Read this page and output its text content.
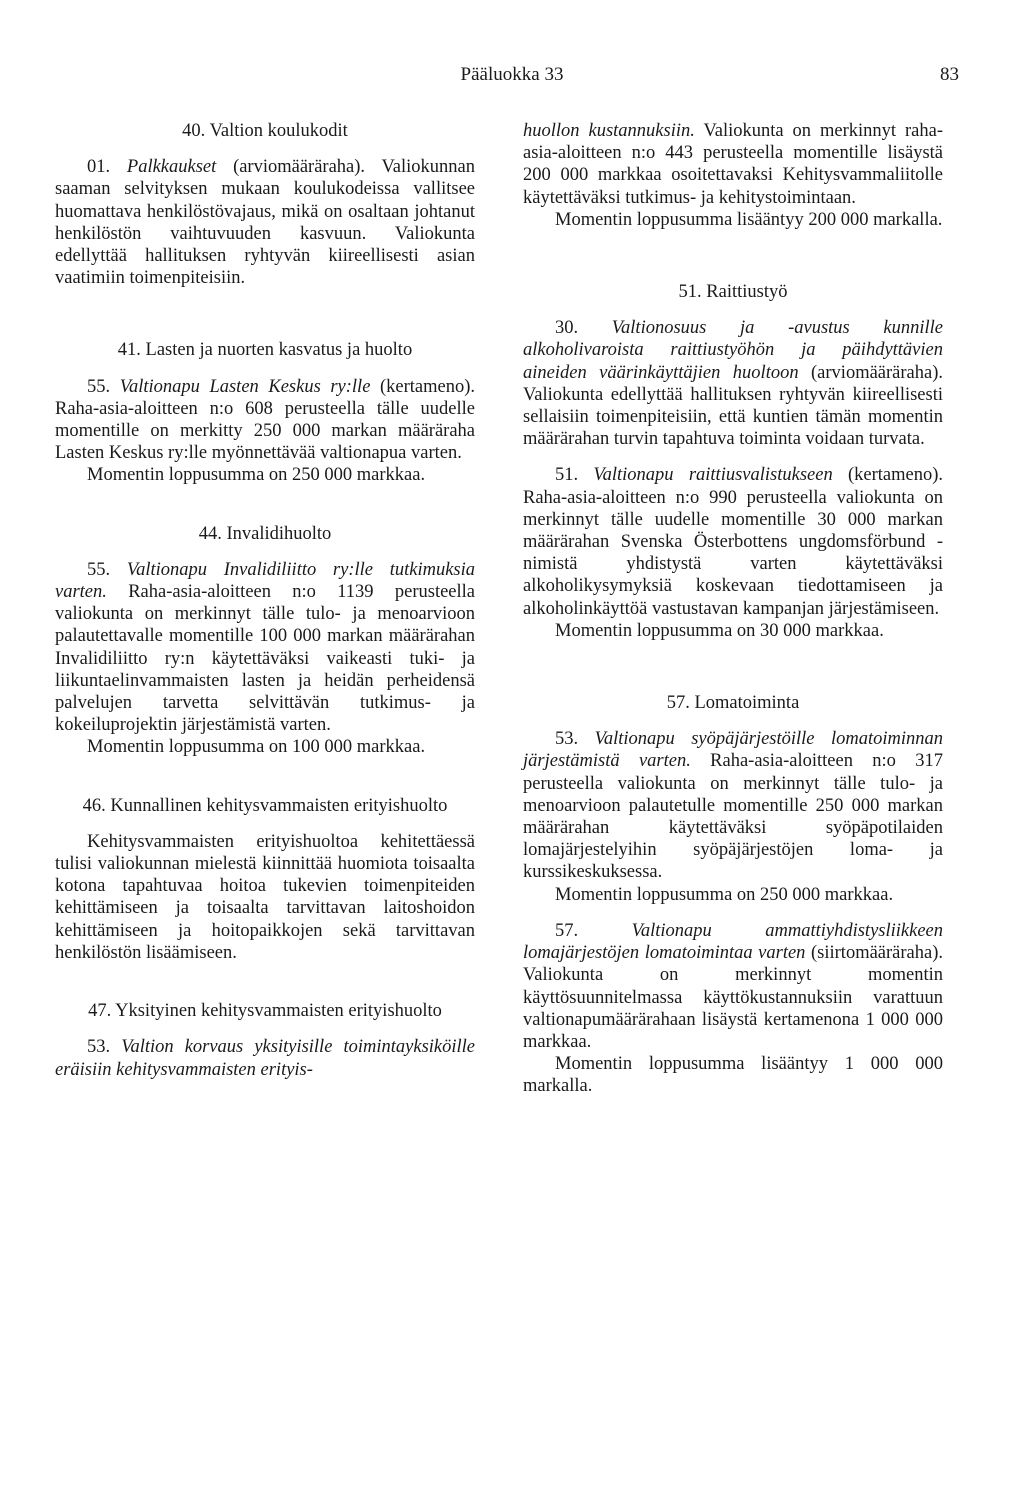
Pääluokka 33	83
40. Valtion koulukodit

01. Palkkaukset (arviomääräraha). Valiokunnan saaman selvityksen mukaan koulukodeissa vallitsee huomattava henkilöstövajaus, mikä on osaltaan johtanut henkilöstön vaihtuvuuden kasvuun. Valiokunta edellyttää hallituksen ryhtyvän kiireellisesti asian vaatimiin toimenpiteisiin.

41. Lasten ja nuorten kasvatus ja huolto

55. Valtionapu Lasten Keskus ry:lle (kertameno). Raha-asia-aloitteen n:o 608 perusteella tälle uudelle momentille on merkitty 250 000 markan määräraha Lasten Keskus ry:lle myönnettävää valtionapua varten.

Momentin loppusumma on 250 000 markkaa.

44. Invalidihuolto

55. Valtionapu Invalidiliitto ry:lle tutkimuksia varten. Raha-asia-aloitteen n:o 1139 perusteella valiokunta on merkinnyt tälle tulo- ja menoarvioon palautettavalle momentille 100 000 markan määrärahan Invalidiliitto ry:n käytettäväksi vaikeasti tuki- ja liikuntaelinvammaisten lasten ja heidän perheidensä palvelujen tarvetta selvittävän tutkimus- ja kokeiluprojektin järjestämistä varten.

Momentin loppusumma on 100 000 markkaa.

46. Kunnallinen kehitysvammaisten erityishuolto

Kehitysvammaisten erityishuoltoa kehitettäessä tulisi valiokunnan mielestä kiinnittää huomiota toisaalta kotona tapahtuvaa hoitoa tukevien toimenpiteiden kehittämiseen ja toisaalta tarvittavan laitoshoidon kehittämiseen ja hoitopaikkojen sekä tarvittavan henkilöstön lisäämiseen.

47. Yksityinen kehitysvammaisten erityishuolto

53. Valtion korvaus yksityisille toimintayksiköille eräisiin kehitysvammaisten erityis-

huollon kustannuksiin. Valiokunta on merkinnyt raha-asia-aloitteen n:o 443 perusteella momentille lisäystä 200 000 markkaa osoitettavaksi Kehitysvammaliitolle käytettäväksi tutkimus- ja kehitystoimintaan.

Momentin loppusumma lisääntyy 200 000 markalla.

51. Raittiustyö

30. Valtionosuus ja -avustus kunnille alkoholivaroista raittiustyöhön ja päihdyttävien aineiden väärinkäyttäjien huoltoon (arviomääräraha). Valiokunta edellyttää hallituksen ryhtyvän kiireellisesti sellaisiin toimenpiteisiin, että kuntien tämän momentin määrärahan turvin tapahtuva toiminta voidaan turvata.

51. Valtionapu raittiusvalistukseen (kertameno). Raha-asia-aloitteen n:o 990 perusteella valiokunta on merkinnyt tälle uudelle momentille 30 000 markan määrärahan Svenska Österbottens ungdomsförbund -nimistä yhdistystä varten käytettäväksi alkoholikysymyksiä koskevaan tiedottamiseen ja alkoholinkäyttöä vastustavan kampanjan järjestämiseen.

Momentin loppusumma on 30 000 markkaa.

57. Lomatoiminta

53. Valtionapu syöpäjärjestöille lomatoiminnan järjestämistä varten. Raha-asia-aloitteen n:o 317 perusteella valiokunta on merkinnyt tälle tulo- ja menoarvioon palautetulle momentille 250 000 markan määrärahan käytettäväksi syöpäpotilaiden lomajärjestelyihin syöpäjärjestöjen loma- ja kurssikeskuksessa.

Momentin loppusumma on 250 000 markkaa.

57. Valtionapu ammattiyhdistysliikkeen lomajärjestöjen lomatoimintaa varten (siirtomääräraha). Valiokunta on merkinnyt momentin käyttösuunnitelmassa käyttökustannuksiin varattuun valtionapumäärärahaan lisäystä kertamenona 1 000 000 markkaa.

Momentin loppusumma lisääntyy 1 000 000 markalla.
